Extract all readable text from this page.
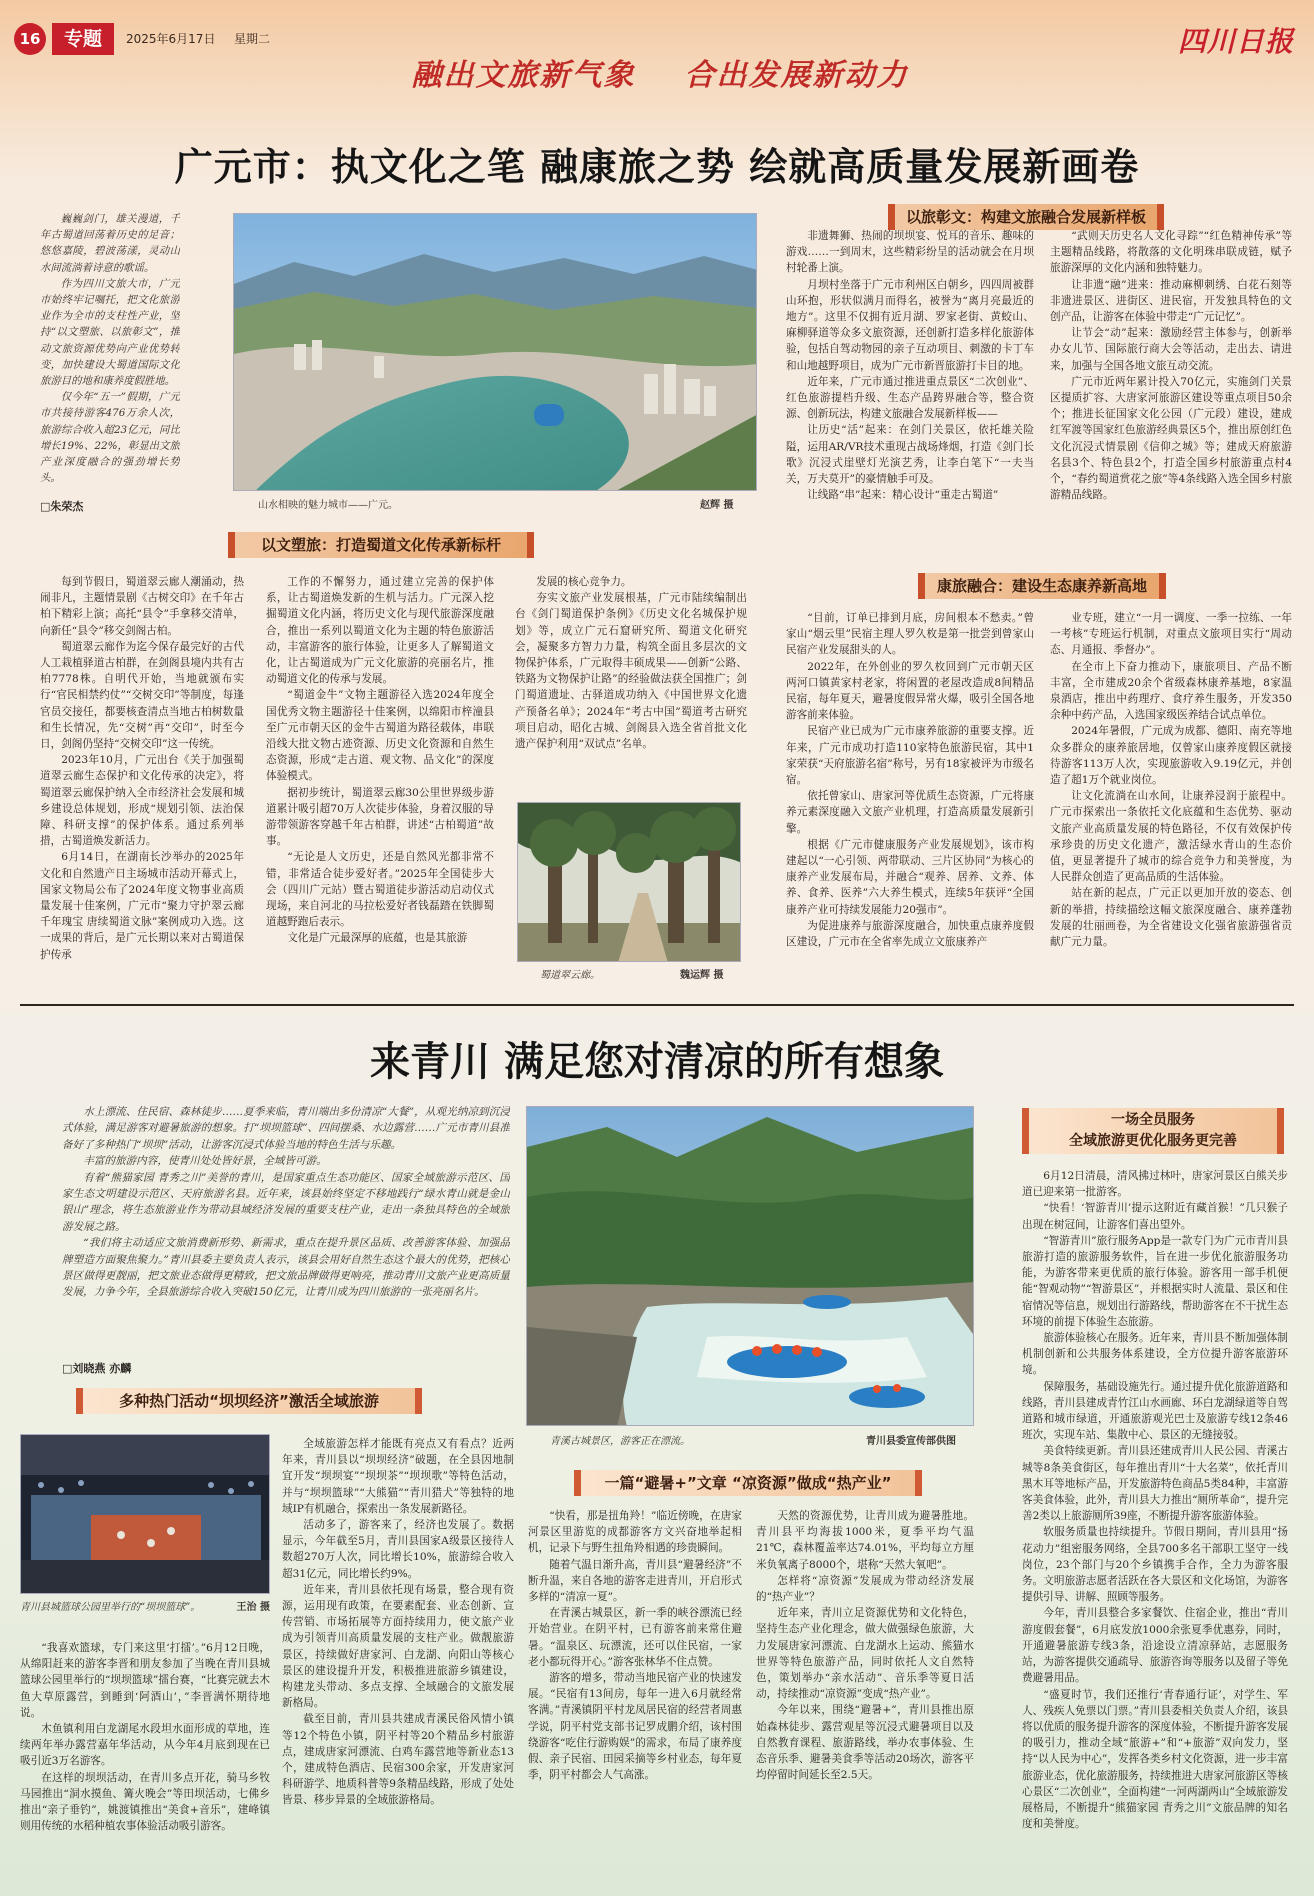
16	专题	2025年6月17日 星期二	四川日报
融出文旅新气象 合出发展新动力
广元市：执文化之笔 融康旅之势 绘就高质量发展新画卷

巍巍剑门，雄关漫道，千年古蜀道回荡着历史的足音；悠悠嘉陵，碧波荡漾，灵动山水间流淌着诗意的歌谣。

作为四川文旅大市，广元市始终牢记嘱托，把文化旅游业作为全市的支柱性产业，坚持“以文塑旅、以旅彰文”，推动文旅资源优势向产业优势转变，加快建设大蜀道国际文化旅游目的地和康养度假胜地。

仅今年“五一”假期，广元市共接待游客476万余人次，旅游综合收入超23亿元，同比增长19%、22%，彰显出文旅产业深度融合的强劲增长势头。

□朱荣杰	山水相映的魅力城市——广元。	赵辉 摄
以文塑旅：打造蜀道文化传承新标杆

每到节假日，蜀道翠云廊人潮涌动，热闹非凡，主题情景剧《古树交印》在千年古柏下精彩上演；高托“县令”手拿移交清单，向新任“县令”移交剑阁古柏。

蜀道翠云廊作为迄今保存最完好的古代人工栽植驿道古柏群，在剑阁县境内共有古柏7778株。自明代开始，当地就颁布实行“官民相禁约仗”“交树交印”等制度，每逢官员交接任，都要核查清点当地古柏树数量和生长情况，先“交树”再“交印”，时至今日，剑阁仍坚持“交树交印”这一传统。

2023年10月，广元出台《关于加强蜀道翠云廊生态保护和文化传承的决定》，将蜀道翠云廊保护纳入全市经济社会发展和城乡建设总体规划，形成“规划引领、法治保障、科研支撑”的保护体系。通过系列举措，古蜀道焕发新活力。

6月14日，在湖南长沙举办的2025年文化和自然遗产日主场城市活动开幕式上，国家文物局公布了2024年度文物事业高质量发展十佳案例，广元市“聚力守护翠云廊千年瑰宝 唐续蜀道文脉”案例成功入选。这一成果的背后，是广元长期以来对古蜀道保护传承

工作的不懈努力，通过建立完善的保护体系，让古蜀道焕发新的生机与活力。广元深入挖掘蜀道文化内涵，将历史文化与现代旅游深度融合，推出一系列以蜀道文化为主题的特色旅游活动，丰富游客的旅行体验，让更多人了解蜀道文化，让古蜀道成为广元文化旅游的亮丽名片，推动蜀道文化的传承与发展。

“蜀道金牛”文物主题游径入选2024年度全国优秀文物主题游径十佳案例，以绵阳市梓潼县至广元市朝天区的金牛古蜀道为路径载体，串联沿线大批文物古迹资源、历史文化资源和自然生态资源，形成“走古道、观文物、品文化”的深度体验模式。

据初步统计，蜀道翠云廊30公里世界级步游道累计吸引超70万人次徒步体验，身着汉服的导游带领游客穿越千年古柏群，讲述“古柏蜀道”故事。

“无论是人文历史，还是自然风光都非常不错，非常适合徒步爱好者。”2025年全国徒步大会（四川广元站）暨古蜀道徒步游活动启动仪式现场，来自河北的马拉松爱好者钱磊踏在铁脚蜀道越野跑后表示。

文化是广元最深厚的底蕴，也是其旅游

发展的核心竞争力。

夯实文旅产业发展根基，广元市陆续编制出台《剑门蜀道保护条例》《历史文化名城保护规划》等，成立广元石窟研究所、蜀道文化研究会，凝聚多方智力力量，构筑全面且多层次的文物保护体系，广元取得丰硕成果——创新“公路、铁路为文物保护让路”的经验做法获全国推广；剑门蜀道遗址、古驿道成功纳入《中国世界文化遗产预备名单》；2024年“考古中国”蜀道考古研究项目启动，昭化古城、剑阁县入选全省首批文化遗产保护利用“双试点”名单。

蜀道翠云廊。	魏运辉 摄
以旅彰文：构建文旅融合发展新样板

非遗舞狮、热闹的坝坝宴、悦耳的音乐、趣味的游戏……一到周末，这些精彩纷呈的活动就会在月坝村轮番上演。

月坝村坐落于广元市利州区白朝乡，四四周被群山环抱，形状似满月而得名，被誉为“离月亮最近的地方”。这里不仅拥有近月湖、罗家老街、黄蛟山、麻柳驿道等众多文旅资源，还创新打造多样化旅游体验，包括自驾动物园的亲子互动项目、刺激的卡丁车和山地越野项目，成为广元市新晋旅游打卡目的地。

近年来，广元市通过推进重点景区“二次创业”、红色旅游提档升级、生态产品跨界融合等，整合资源、创新玩法，构建文旅融合发展新样板——

让历史“活”起来：在剑门关景区，依托雄关险隘，运用AR/VR技术重现古战场烽烟，打造《剑门长歌》沉浸式崖壁灯光演艺秀，让李白笔下“一夫当关，万夫莫开”的豪情触手可及。

让线路“串”起来：精心设计“重走古蜀道”

“武则天历史名人文化寻踪”“红色精神传承”等主题精品线路，将散落的文化明珠串联成链，赋予旅游深厚的文化内涵和独特魅力。

让非遗“融”进来：推动麻柳刺绣、白花石刻等非遗进景区、进街区、进民宿，开发独具特色的文创产品，让游客在体验中带走“广元记忆”。

让节会“动”起来：激励经营主体参与，创新举办女儿节、国际旅行商大会等活动，走出去、请进来，加强与全国各地文旅互动交流。

广元市近两年累计投入70亿元，实施剑门关景区提质扩容、大唐家河旅游区建设等重点项目50余个；推进长征国家文化公园（广元段）建设，建成红军渡等国家红色旅游经典景区5个，推出原创红色文化沉浸式情景剧《信仰之城》等；建成天府旅游名县3个、特色县2个，打造全国乡村旅游重点村4个，“春约蜀道赏花之旅”等4条线路入选全国乡村旅游精品线路。

康旅融合：建设生态康养新高地

“目前，订单已排到月底，房间根本不愁卖。”曾家山“烟云里”民宿主理人罗久枚是第一批尝到曾家山民宿产业发展甜头的人。

2022年，在外创业的罗久枚回到广元市朝天区两河口镇黄家村老家，将闲置的老屋改造成8间精品民宿，每年夏天，避暑度假异常火爆，吸引全国各地游客前来体验。

民宿产业已成为广元市康养旅游的重要支撑。近年来，广元市成功打造110家特色旅游民宿，其中1家荣获“天府旅游名宿”称号，另有18家被评为市级名宿。

依托曾家山、唐家河等优质生态资源，广元将康养元素深度融入文旅产业机理，打造高质量发展新引擎。

根据《广元市健康服务产业发展规划》，该市构建起以“一心引领、两带联动、三片区协同”为核心的康养产业发展布局，并融合“观养、居养、文养、体养、食养、医养”六大养生模式，连续5年获评“全国康养产业可持续发展能力20强市”。

为促进康养与旅游深度融合，加快重点康养度假区建设，广元市在全省率先成立文旅康养产

业专班，建立“一月一调度、一季一拉练、一年一考核”专班运行机制，对重点文旅项目实行“周动态、月通报、季督办”。

在全市上下奋力推动下，康旅项目、产品不断丰富，全市建成20余个省级森林康养基地，8家温泉酒店，推出中药理疗、食疗养生服务，开发350余种中药产品，入选国家级医养结合试点单位。

2024年暑假，广元成为成都、德阳、南充等地众多群众的康养旅居地，仅曾家山康养度假区就接待游客113万人次，实现旅游收入9.19亿元，并创造了超1万个就业岗位。

让文化流淌在山水间，让康养浸润于旅程中。广元市探索出一条依托文化底蕴和生态优势、驱动文旅产业高质量发展的特色路径，不仅有效保护传承珍贵的历史文化遗产，激活绿水青山的生态价值，更显著提升了城市的综合竞争力和美誉度，为人民群众创造了更高品质的生活体验。

站在新的起点，广元正以更加开放的姿态、创新的举措，持续描绘这幅文旅深度融合、康养蓬勃发展的壮丽画卷，为全省建设文化强省旅游强省贡献广元力量。

来青川 满足您对清凉的所有想象

水上漂流、住民宿、森林徒步……夏季来临，青川端出多份清凉“大餐”，从观光纳凉到沉浸式体验，满足游客对避暑旅游的想象。打“坝坝篮球”、四间摆桑、水边露营……广元市青川县准备好了多种热门“坝坝”活动，让游客沉浸式体验当地的特色生活与乐趣。

丰富的旅游内容，使青川处处皆好景，全域皆可游。

有着“熊猫家园 青秀之川”美誉的青川，是国家重点生态功能区、国家全域旅游示范区、国家生态文明建设示范区、天府旅游名县。近年来，该县始终坚定不移地践行“绿水青山就是金山银山”理念，将生态旅游业作为带动县域经济发展的重要支柱产业，走出一条独具特色的全域旅游发展之路。

“我们将主动适应文旅消费新形势、新需求，重点在提升景区品质、改善游客体验、加强品牌塑造方面聚焦聚力。”青川县委主要负责人表示，该县会用好自然生态这个最大的优势，把核心景区做得更靓丽，把文旅业态做得更精致，把文旅品牌做得更响亮，推动青川文旅产业更高质量发展，力争今年，全县旅游综合收入突破150亿元，让青川成为四川旅游的一张亮丽名片。

□刘晓燕 亦麟
多种热门活动“坝坝经济”激活全域旅游
青川县城篮球公园里举行的“坝坝篮球”。	王治 摄

“我喜欢篮球，专门来这里‘打擂’。”6月12日晚，从绵阳赶来的游客李晋和朋友参加了当晚在青川县城篮球公园里举行的“坝坝篮球”擂台赛，“比赛完就去木鱼大草原露营，到睡到‘阿酒山’，”李晋满怀期待地说。

木鱼镇利用白龙湖尾水段坦水面形成的草地，连续两年举办露营嘉年华活动，从今年4月底到现在已吸引近3万名游客。

在这样的坝坝活动，在青川多点开花，骑马乡牧马园推出“洞水摸鱼、篝火晚会”等田坝活动，七佛乡推出“亲子垂钓”，姚渡镇推出“美食+音乐”，建峰镇则用传统的水稻种植农事体验活动吸引游客。

全域旅游怎样才能既有亮点又有看点？近两年来，青川县以“坝坝经济”破题，在全县因地制宜开发“坝坝宴”“坝坝茶”“坝坝歌”等特色活动，并与“坝坝篮球”“大熊猫”“青川猎犬”等独特的地域IP有机融合，探索出一条发展新路径。

活动多了，游客来了，经济也发展了。数据显示，今年截至5月，青川县国家A级景区接待人数超270万人次，同比增长10%，旅游综合收入超31亿元，同比增长约9%。

近年来，青川县依托现有场景，整合现有资源，运用现有政策，在要素配套、业态创新、宣传营销、市场拓展等方面持续用力，使文旅产业成为引领青川高质量发展的支柱产业。做靓旅游景区，持续做好唐家河、白龙湖、向阳山等核心景区的建设提升开发，积极推进旅游乡镇建设，构建龙头带动、多点支撑、全域融合的文旅发展新格局。

截至目前，青川县共建成青溪民俗风情小镇等12个特色小镇，阴平村等20个精品乡村旅游点，建成唐家河漂流、白鸡车露营地等新业态13个，建成特色酒店、民宿300余家，开发唐家河科研游学、地质科普等9条精品线路，形成了处处皆景、移步异景的全域旅游格局。

青溪古城景区，游客正在漂流。	青川县委宣传部供图
一篇“避暑+”文章 “凉资源”做成“热产业”

“快看，那是扭角羚！”临近傍晚，在唐家河景区里游览的成都游客方文兴奋地举起相机，记录下与野生扭角羚相遇的珍贵瞬间。

随着气温日渐升高，青川县“避暑经济”不断升温，来自各地的游客走进青川，开启形式多样的“清凉一夏”。

在青溪古城景区，新一季的峡谷漂流已经开始营业。在阴平村，已有游客前来常住避暑。“温泉区、玩漂流，还可以住民宿，一家老小都玩得开心。”游客张林华不住点赞。

游客的增多，带动当地民宿产业的快速发展。“民宿有13间房，每年一进入6月就经常客满。”青溪镇阴平村龙凤居民宿的经营者周惠学说，阴平村党支部书记罗成鹏介绍，该村围绕游客“吃住行游购娱”的需求，布局了康养度假、亲子民宿、田园采摘等乡村业态，每年夏季，阴平村都会人气高涨。

天然的资源优势，让青川成为避暑胜地。青川县平均海拔1000米，夏季平均气温21℃，森林覆盖率达74.01%，平均每立方厘米负氧离子8000个，堪称“天然大氧吧”。

怎样将“凉资源”发展成为带动经济发展的“热产业”？

近年来，青川立足资源优势和文化特色，坚持生态产业化理念，做大做强绿色旅游，大力发展唐家河漂流、白龙湖水上运动、熊猫水世界等特色旅游产品，同时依托人文自然特色，策划举办“亲水活动”、音乐季等夏日活动，持续推动“凉资源”变成“热产业”。

今年以来，围绕“避暑+”，青川县推出原始森林徒步、露营观星等沉浸式避暑项目以及自然教育课程、旅游路线，举办农事体验、生态音乐季、避暑美食季等活动20场次，游客平均停留时间延长至2.5天。

一场全员服务
全域旅游更优化服务更完善

6月12日清晨，清风拂过林叶，唐家河景区白熊关步道已迎来第一批游客。

“快看！‘智游青川’提示这附近有藏首猴！”几只猴子出现在树冠间，让游客们喜出望外。

“智游青川”旅行服务App是一款专门为广元市青川县旅游打造的旅游服务软件，旨在进一步优化旅游服务功能，为游客带来更优质的旅行体验。游客用一部手机便能“智观动物”“智游景区”，并根据实时人流量、景区和住宿情况等信息，规划出行游路线，帮助游客在不干扰生态环境的前提下体验生态旅游。

旅游体验核心在服务。近年来，青川县不断加强体制机制创新和公共服务体系建设，全方位提升游客旅游环境。

保障服务，基础设施先行。通过提升优化旅游道路和线路，青川县建成青竹江山水画廊、环白龙湖绿道等自驾道路和城市绿道，开通旅游观光巴士及旅游专线12条46班次，实现车站、集散中心、景区的无缝接驳。

美食特续更新。青川县还建成青川人民公园、青溪古城等8条美食街区，每年推出青川“十大名菜”，依托青川黑木耳等地标产品，开发旅游特色商品5类84种，丰富游客美食体验，此外，青川县大力推出“厕所革命”，提升完善2类以上旅游厕所39座，不断提升游客旅游体验。

软服务质量也持续提升。节假日期间，青川县用“扬花动力”组密服务网络，全县700多名干部职工坚守一线岗位，23个部门与20个乡镇携手合作，全力为游客服务。文明旅游志愿者活跃在各大景区和文化场馆，为游客提供引导、讲解、照顾等服务。

今年，青川县整合多家餐饮、住宿企业，推出“青川游度假套餐”，6月底发放1000余张夏季优惠券，同时，开通避暑旅游专线3条，沿途设立清凉驿站，志愿服务站，为游客提供交通疏导、旅游咨询等服务以及留子等免费避暑用品。

“盛夏时节，我们还推行‘青春通行证’，对学生、军人、残疾人免票以门票。”青川县委相关负责人介绍，该县将以优质的服务提升游客的深度体验，不断提升游客发展的吸引力，推动全域“旅游+”和“+旅游”双向发力，坚持“以人民为中心”，发挥各类乡村文化资源，进一步丰富旅游业态，优化旅游服务，持续推进大唐家河旅游区等核心景区“二次创业”，全面构建“一河两湖两山”全域旅游发展格局，不断提升“熊猫家园 青秀之川”文旅品牌的知名度和美誉度。
